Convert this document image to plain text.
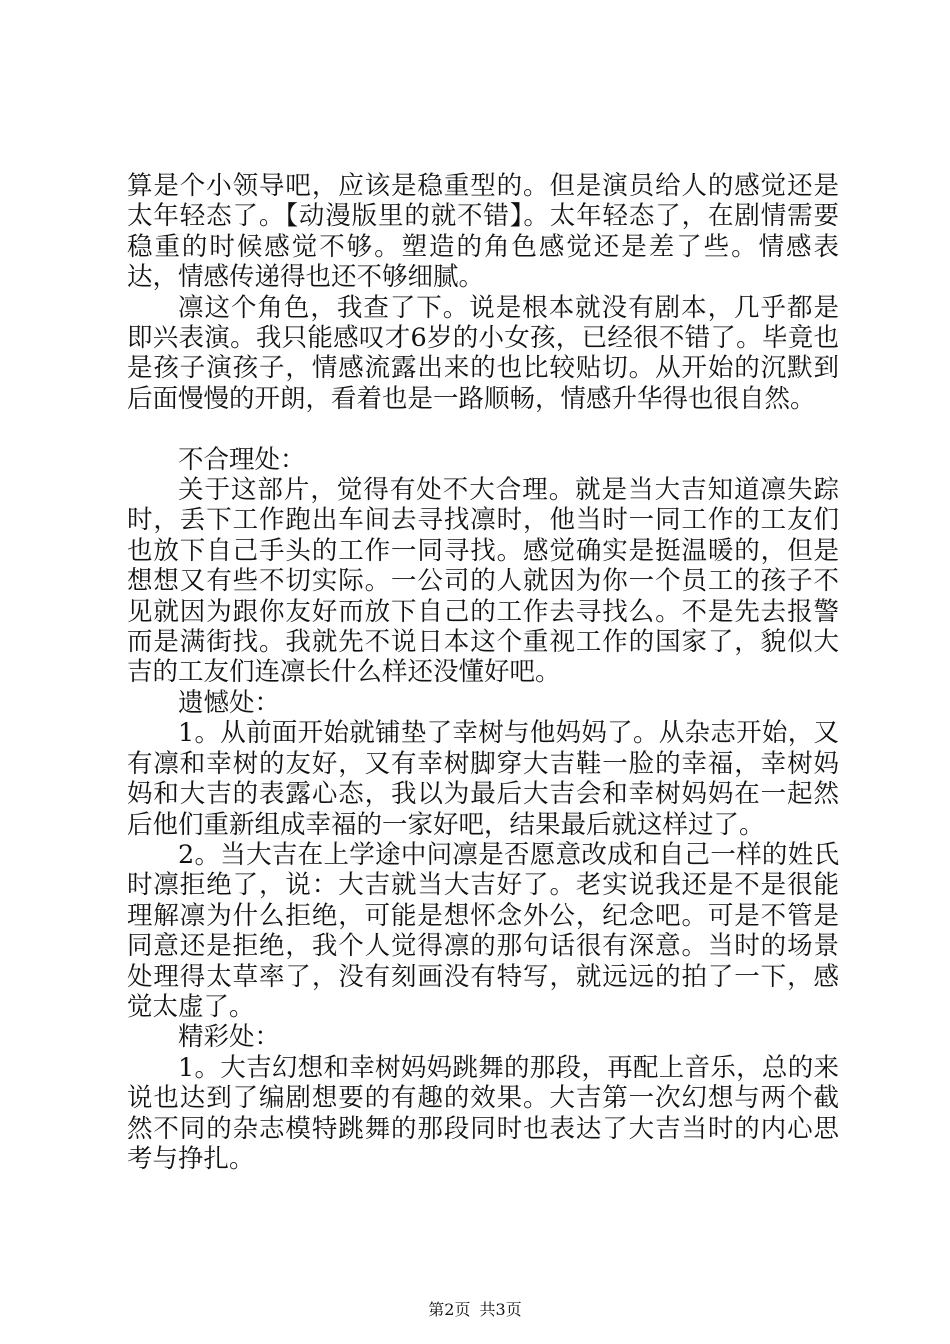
算是个小领导吧，应该是稳重型的。但是演员给人的感觉还是太年轻态了。【动漫版里的就不错】。太年轻态了，在剧情需要稳重的时候感觉不够。塑造的角色感觉还是差了些。情感表达，情感传递得也还不够细腻。

凛这个角色，我查了下。说是根本就没有剧本，几乎都是即兴表演。我只能感叹才6岁的小女孩，已经很不错了。毕竟也是孩子演孩子，情感流露出来的也比较贴切。从开始的沉默到后面慢慢的开朗，看着也是一路顺畅，情感升华得也很自然。

不合理处：

关于这部片，觉得有处不大合理。就是当大吉知道凛失踪时，丢下工作跑出车间去寻找凛时，他当时一同工作的工友们也放下自己手头的工作一同寻找。感觉确实是挺温暖的，但是想想又有些不切实际。一公司的人就因为你一个员工的孩子不见就因为跟你友好而放下自己的工作去寻找么。不是先去报警而是满街找。我就先不说日本这个重视工作的国家了，貌似大吉的工友们连凛长什么样还没懂好吧。

遗憾处：

1。从前面开始就铺垫了幸树与他妈妈了。从杂志开始，又有凛和幸树的友好，又有幸树脚穿大吉鞋一脸的幸福，幸树妈妈和大吉的表露心态，我以为最后大吉会和幸树妈妈在一起然后他们重新组成幸福的一家好吧，结果最后就这样过了。

2。当大吉在上学途中问凛是否愿意改成和自己一样的姓氏时凛拒绝了，说：大吉就当大吉好了。老实说我还是不是很能理解凛为什么拒绝，可能是想怀念外公，纪念吧。可是不管是同意还是拒绝，我个人觉得凛的那句话很有深意。当时的场景处理得太草率了，没有刻画没有特写，就远远的拍了一下，感觉太虚了。

精彩处：

1。大吉幻想和幸树妈妈跳舞的那段，再配上音乐，总的来说也达到了编剧想要的有趣的效果。大吉第一次幻想与两个截然不同的杂志模特跳舞的那段同时也表达了大吉当时的内心思考与挣扎。

第2页 共3页
